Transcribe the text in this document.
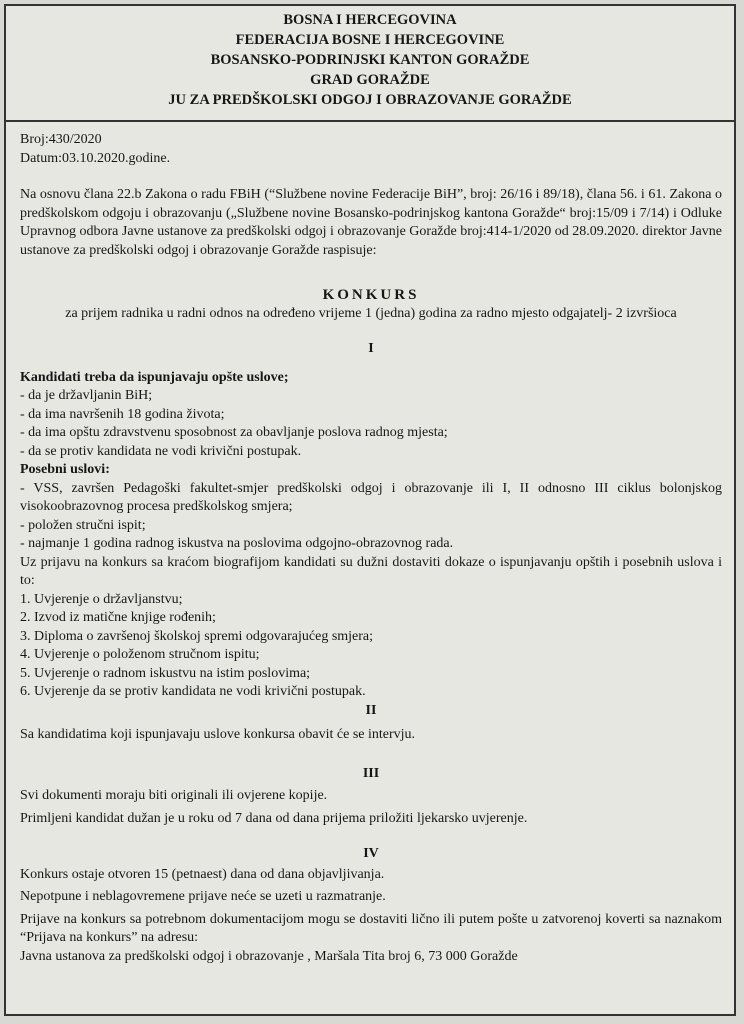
BOSNA I HERCEGOVINA
FEDERACIJA BOSNE I HERCEGOVINE
BOSANSKO-PODRINJSKI KANTON GORAŽDE
GRAD GORAŽDE
JU ZA PREDŠKOLSKI ODGOJ I OBRAZOVANJE GORAŽDE

Broj:430/2020

Datum:03.10.2020.godine.

Na osnovu člana 22.b Zakona o radu FBiH (“Službene novine Federacije BiH”, broj: 26/16 i 89/18), člana 56. i 61. Zakona o predškolskom odgoju i obrazovanju („Službene novine Bosansko-podrinjskog kantona Goražde“ broj:15/09 i 7/14) i Odluke Upravnog odbora Javne ustanove za predškolski odgoj i obrazovanje Goražde broj:414-1/2020 od 28.09.2020. direktor Javne ustanove za predškolski odgoj i obrazovanje Goražde raspisuje:

KONKURS

za prijem radnika u radni odnos na određeno vrijeme 1 (jedna) godina za radno mjesto odgajatelj- 2 izvršioca

I

Kandidati treba da ispunjavaju opšte uslove;

- da je državljanin BiH;

- da ima navršenih 18 godina života;

- da ima opštu zdravstvenu sposobnost za obavljanje poslova radnog mjesta;

- da se protiv kandidata ne vodi krivični postupak.

Posebni uslovi:

- VSS, završen Pedagoški fakultet-smjer predškolski odgoj i obrazovanje ili I, II odnosno III ciklus bolonjskog visokoobrazovnog procesa predškolskog smjera;

- položen stručni ispit;

- najmanje 1 godina radnog iskustva na poslovima odgojno-obrazovnog rada.

Uz prijavu na konkurs sa kraćom biografijom kandidati su dužni dostaviti dokaze o ispunjavanju opštih i posebnih uslova i to:

1. Uvjerenje o državljanstvu;

2. Izvod iz matične knjige rođenih;

3. Diploma o završenoj školskoj spremi odgovarajućeg smjera;

4. Uvjerenje o položenom stručnom ispitu;

5. Uvjerenje o radnom iskustvu na istim poslovima;

6. Uvjerenje da se protiv kandidata ne vodi krivični postupak.

II

Sa kandidatima koji ispunjavaju uslove konkursa obavit će se intervju.

III

Svi dokumenti moraju biti originali ili ovjerene kopije.

Primljeni kandidat dužan je u roku od 7 dana od dana prijema priložiti ljekarsko uvjerenje.

IV

Konkurs ostaje otvoren 15 (petnaest) dana od dana objavljivanja.

Nepotpune i neblagovremene prijave neće se uzeti u razmatranje.

Prijave na konkurs sa potrebnom dokumentacijom mogu se dostaviti lično ili putem pošte u zatvorenoj koverti sa naznakom “Prijava na konkurs” na adresu:

Javna ustanova za predškolski odgoj i obrazovanje , Maršala Tita broj 6, 73 000 Goražde
